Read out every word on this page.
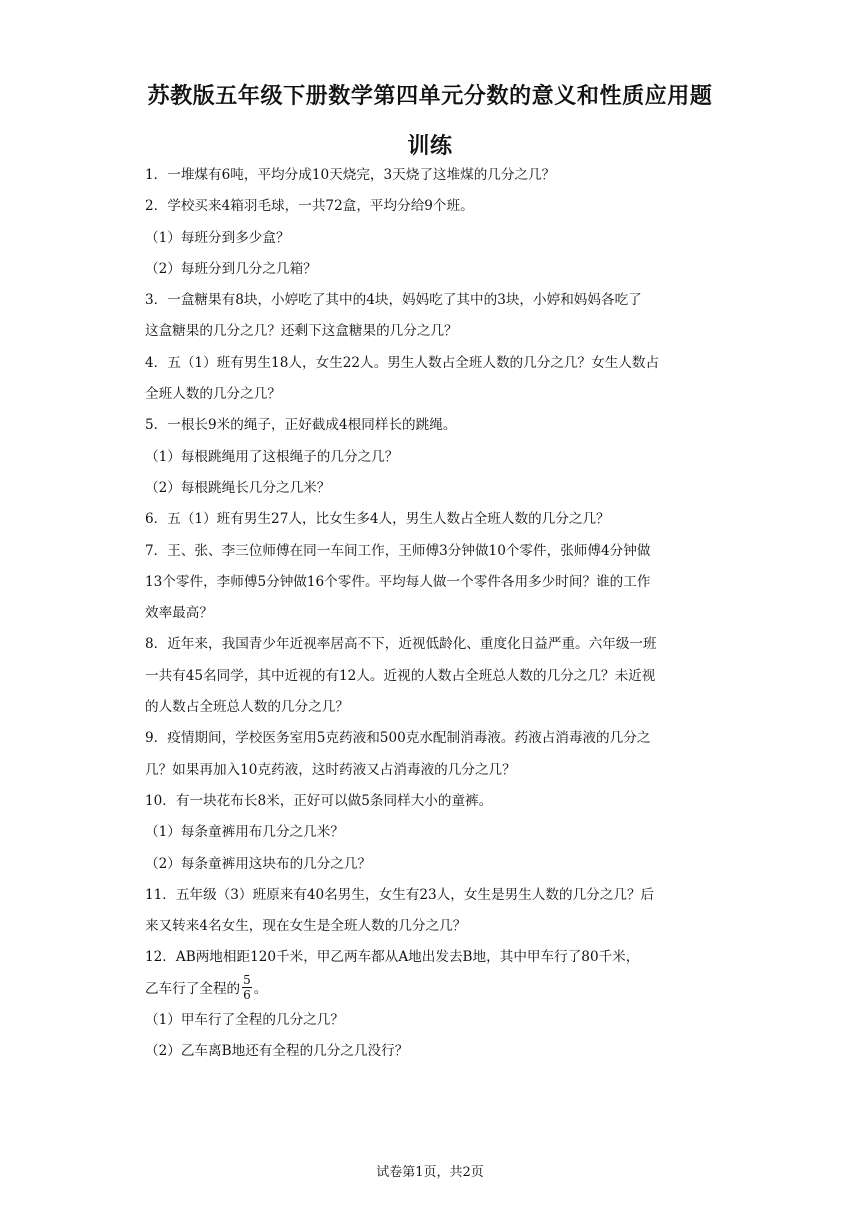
苏教版五年级下册数学第四单元分数的意义和性质应用题训练

1．一堆煤有6吨，平均分成10天烧完，3天烧了这堆煤的几分之几？

2．学校买来4箱羽毛球，一共72盒，平均分给9个班。

（1）每班分到多少盒？

（2）每班分到几分之几箱？

3．一盒糖果有8块，小婷吃了其中的4块，妈妈吃了其中的3块，小婷和妈妈各吃了

这盒糖果的几分之几？还剩下这盒糖果的几分之几？

4．五（1）班有男生18人，女生22人。男生人数占全班人数的几分之几？女生人数占

全班人数的几分之几？

5．一根长9米的绳子，正好截成4根同样长的跳绳。

（1）每根跳绳用了这根绳子的几分之几？

（2）每根跳绳长几分之几米？

6．五（1）班有男生27人，比女生多4人，男生人数占全班人数的几分之几？

7．王、张、李三位师傅在同一车间工作，王师傅3分钟做10个零件，张师傅4分钟做

13个零件，李师傅5分钟做16个零件。平均每人做一个零件各用多少时间？谁的工作

效率最高？

8．近年来，我国青少年近视率居高不下，近视低龄化、重度化日益严重。六年级一班

一共有45名同学，其中近视的有12人。近视的人数占全班总人数的几分之几？未近视

的人数占全班总人数的几分之几？

9．疫情期间，学校医务室用5克药液和500克水配制消毒液。药液占消毒液的几分之

几？如果再加入10克药液，这时药液又占消毒液的几分之几？

10．有一块花布长8米，正好可以做5条同样大小的童裤。

（1）每条童裤用布几分之几米？

（2）每条童裤用这块布的几分之几？

11．五年级（3）班原来有40名男生，女生有23人，女生是男生人数的几分之几？后

来又转来4名女生，现在女生是全班人数的几分之几？

12．AB两地相距120千米，甲乙两车都从A地出发去B地，其中甲车行了80千米，

乙车行了全程的 $\frac{5}{6}$ 。

（1）甲车行了全程的几分之几？

（2）乙车离B地还有全程的几分之几没行？

试卷第1页，共2页
